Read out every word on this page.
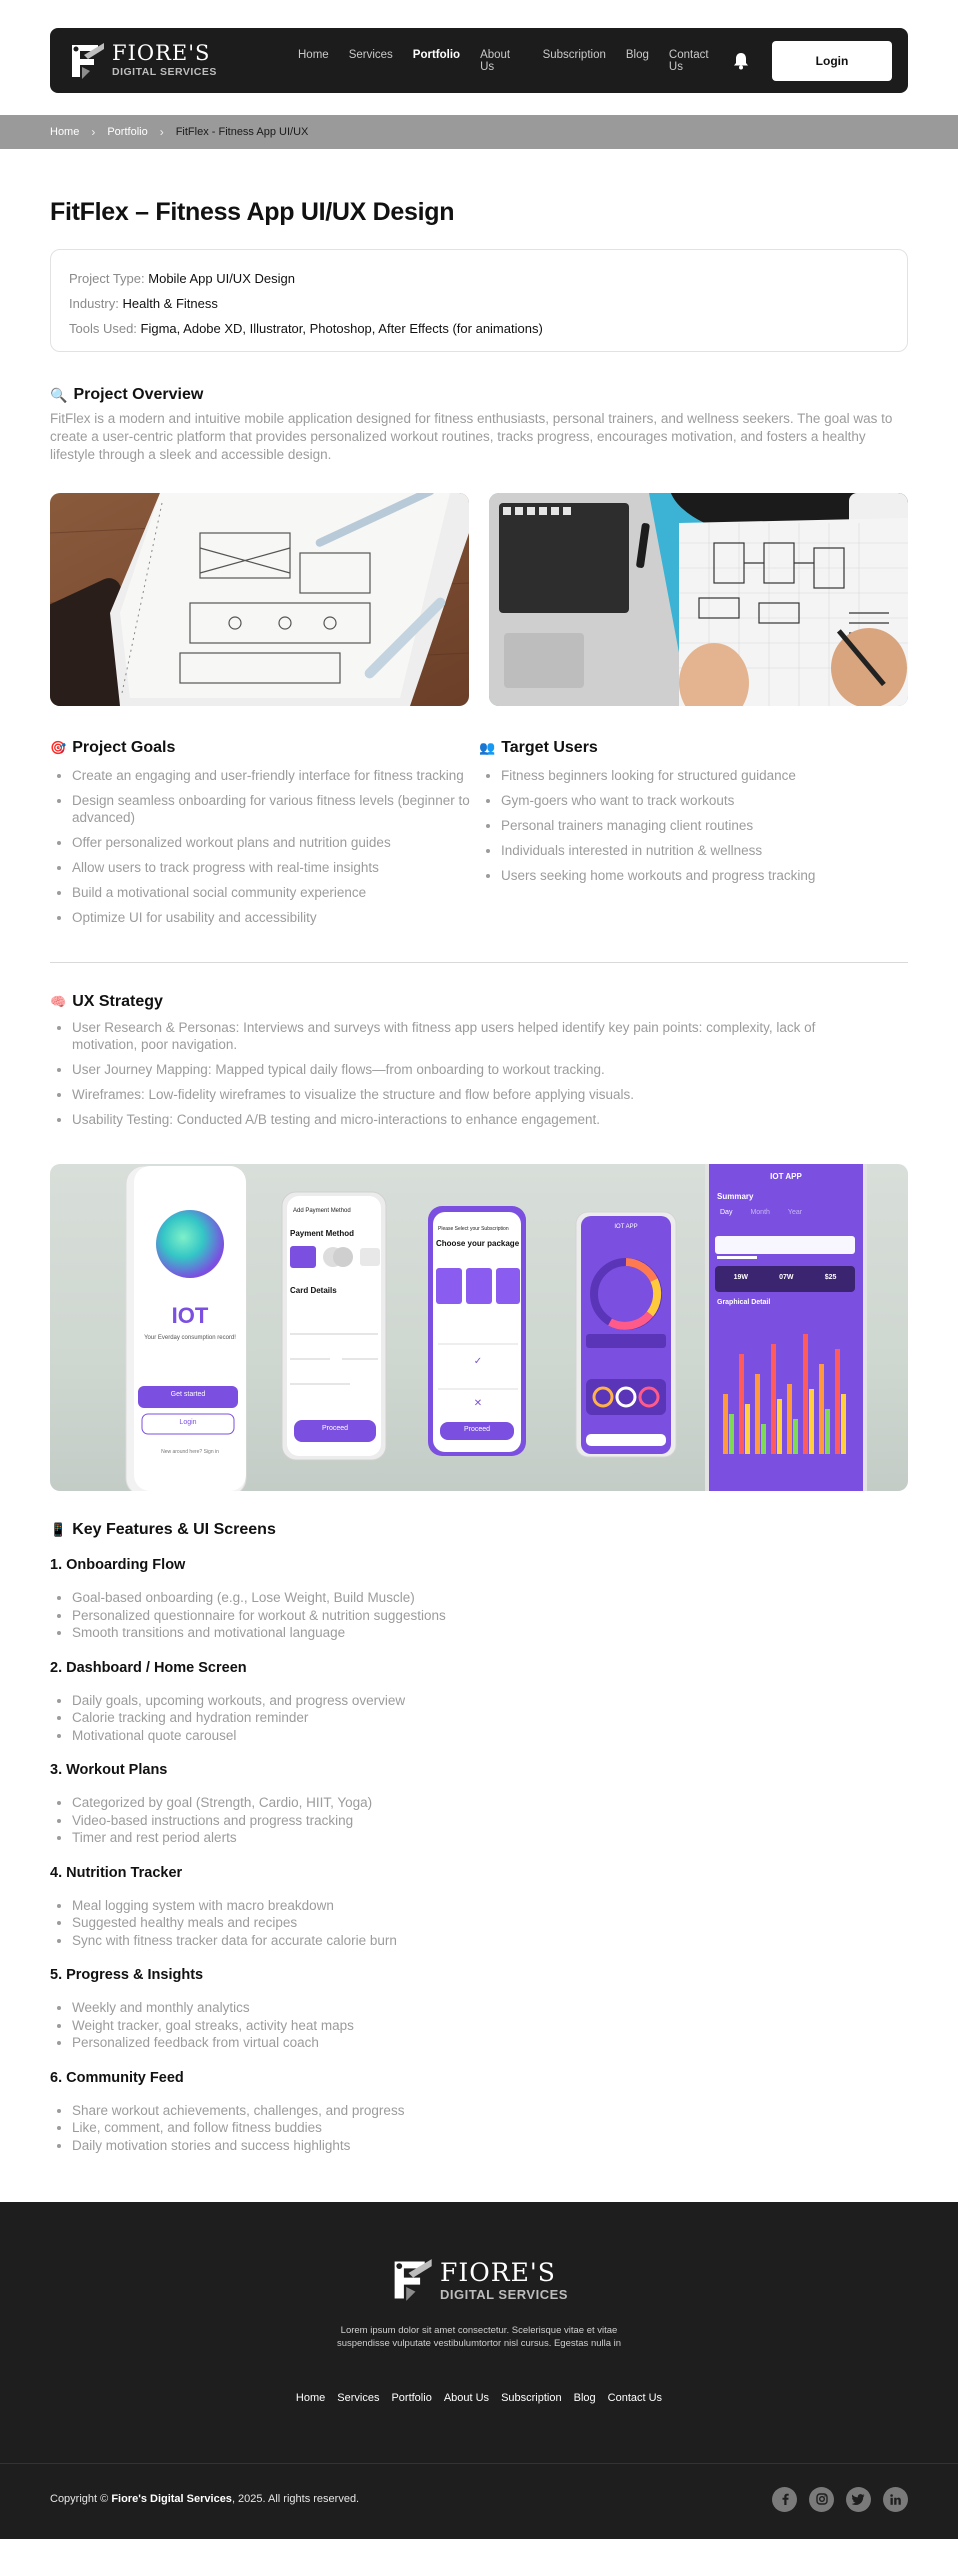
FIORE'S
DIGITAL SERVICES
Home	Services	Portfolio	About Us
Subscription	Blog	Contact Us	Login
Home › Portfolio › FitFlex - Fitness App UI/UX
FitFlex – Fitness App UI/UX Design
Project Type: Mobile App UI/UX Design
Industry: Health & Fitness
Tools Used: Figma, Adobe XD, Illustrator, Photoshop, After Effects (for animations)
🔍 Project Overview

FitFlex is a modern and intuitive mobile application designed for fitness enthusiasts, personal trainers, and wellness seekers. The goal was to create a user-centric platform that provides personalized workout routines, tracks progress, encourages motivation, and fosters a healthy lifestyle through a sleek and accessible design.

🎯 Project Goals
• Create an engaging and user-friendly interface for fitness tracking
• Design seamless onboarding for various fitness levels (beginner to advanced)
• Offer personalized workout plans and nutrition guides
• Allow users to track progress with real-time insights
• Build a motivational social community experience
• Optimize UI for usability and accessibility
👥 Target Users
• Fitness beginners looking for structured guidance
• Gym-goers who want to track workouts
• Personal trainers managing client routines
• Individuals interested in nutrition & wellness
• Users seeking home workouts and progress tracking
🧠 UX Strategy
• User Research & Personas: Interviews and surveys with fitness app users helped identify key pain points: complexity, lack of motivation, poor navigation.
• User Journey Mapping: Mapped typical daily flows—from onboarding to workout tracking.
• Wireframes: Low-fidelity wireframes to visualize the structure and flow before applying visuals.
• Usability Testing: Conducted A/B testing and micro-interactions to enhance engagement.
✓
✕
IOT
Your Everday consumption record!
Get started
Login
New around here? Sign in
Add Payment Method
Payment Method
Card Details
Proceed
Please Select your Subscription
Choose your package
Proceed
IOT APP
IOT APP
Summary
Day	Month	Year
19W	07W	$25
Graphical Detail
📱 Key Features & UI Screens
1. Onboarding Flow
• Goal-based onboarding (e.g., Lose Weight, Build Muscle)
• Personalized questionnaire for workout & nutrition suggestions
• Smooth transitions and motivational language
2. Dashboard / Home Screen
• Daily goals, upcoming workouts, and progress overview
• Calorie tracking and hydration reminder
• Motivational quote carousel
3. Workout Plans
• Categorized by goal (Strength, Cardio, HIIT, Yoga)
• Video-based instructions and progress tracking
• Timer and rest period alerts
4. Nutrition Tracker
• Meal logging system with macro breakdown
• Suggested healthy meals and recipes
• Sync with fitness tracker data for accurate calorie burn
5. Progress & Insights
• Weekly and monthly analytics
• Weight tracker, goal streaks, activity heat maps
• Personalized feedback from virtual coach
6. Community Feed
• Share workout achievements, challenges, and progress
• Like, comment, and follow fitness buddies
• Daily motivation stories and success highlights
FIORE'S
DIGITAL SERVICES
Lorem ipsum dolor sit amet consectetur. Scelerisque vitae et vitae
suspendisse vulputate vestibulumtortor nisl cursus. Egestas nulla in
Home	Services	Portfolio	About Us	Subscription	Blog	Contact Us
Copyright © Fiore's Digital Services, 2025. All rights reserved.
